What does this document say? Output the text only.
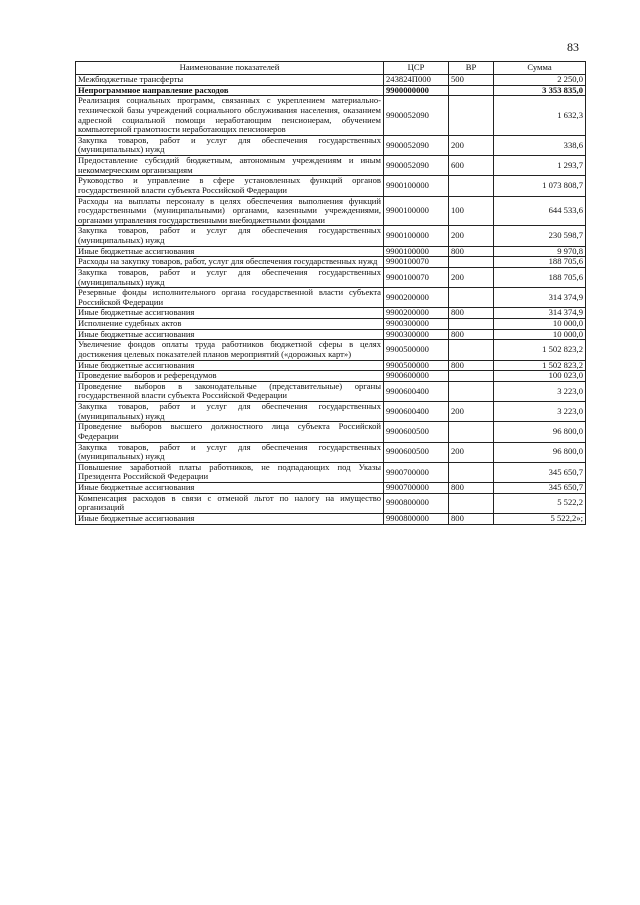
83
Наименование показателей	ЦСР	ВР	Сумма
Межбюджетные трансферты	243824П000	500	2 250,0
Непрограммное направление расходов	9900000000		3 353 835,0
Реализация социальных программ, связанных с укреплением материально-технической базы учреждений социального обслуживания населения, оказанием адресной социальной помощи неработающим пенсионерам, обучением компьютерной грамотности неработающих пенсионеров	9900052090		1 632,3
Закупка товаров, работ и услуг для обеспечения государственных (муниципальных) нужд	9900052090	200	338,6
Предоставление субсидий бюджетным, автономным учреждениям и иным некоммерческим организациям	9900052090	600	1 293,7
Руководство и управление в сфере установленных функций органов государственной власти субъекта Российской Федерации	9900100000		1 073 808,7
Расходы на выплаты персоналу в целях обеспечения выполнения функций государственными (муниципальными) органами, казенными учреждениями, органами управления государственными внебюджетными фондами	9900100000	100	644 533,6
Закупка товаров, работ и услуг для обеспечения государственных (муниципальных) нужд	9900100000	200	230 598,7
Иные бюджетные ассигнования	9900100000	800	9 970,8
Расходы на закупку товаров, работ, услуг для обеспечения государственных нужд	9900100070		188 705,6
Закупка товаров, работ и услуг для обеспечения государственных (муниципальных) нужд	9900100070	200	188 705,6
Резервные фонды исполнительного органа государственной власти субъекта Российской Федерации	9900200000		314 374,9
Иные бюджетные ассигнования	9900200000	800	314 374,9
Исполнение судебных актов	9900300000		10 000,0
Иные бюджетные ассигнования	9900300000	800	10 000,0
Увеличение фондов оплаты труда работников бюджетной сферы в целях достижения целевых показателей планов мероприятий («дорожных карт»)	9900500000		1 502 823,2
Иные бюджетные ассигнования	9900500000	800	1 502 823,2
Проведение выборов и референдумов	9900600000		100 023,0
Проведение выборов в законодательные (представительные) органы государственной власти субъекта Российской Федерации	9900600400		3 223,0
Закупка товаров, работ и услуг для обеспечения государственных (муниципальных) нужд	9900600400	200	3 223,0
Проведение выборов высшего должностного лица субъекта Российской Федерации	9900600500		96 800,0
Закупка товаров, работ и услуг для обеспечения государственных (муниципальных) нужд	9900600500	200	96 800,0
Повышение заработной платы работников, не подпадающих под Указы Президента Российской Федерации	9900700000		345 650,7
Иные бюджетные ассигнования	9900700000	800	345 650,7
Компенсация расходов в связи с отменой льгот по налогу на имущество организаций	9900800000		5 522,2
Иные бюджетные ассигнования	9900800000	800	5 522,2»;
